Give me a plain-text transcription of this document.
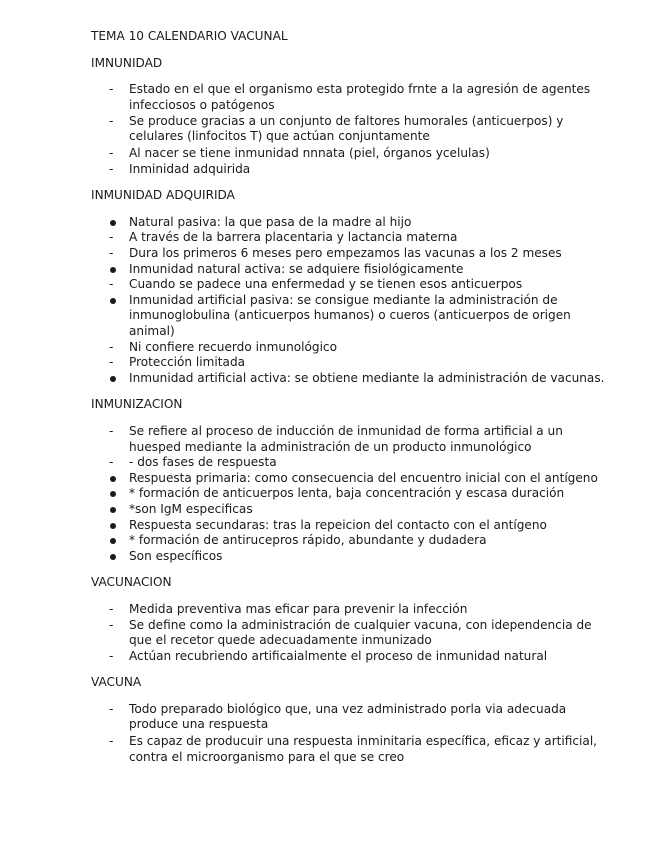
TEMA 10 CALENDARIO VACUNAL
IMNUNIDAD
-
Estado en el que el organismo esta protegido frnte a la agresión de agentes infecciosos o patógenos
-
Se produce gracias a un conjunto de faltores humorales (anticuerpos) y celulares (linfocitos T) que actúan conjuntamente
-
Al nacer se tiene inmunidad nnnata (piel, órganos ycelulas)
-
Inminidad adquirida
INMUNIDAD ADQUIRIDA
Natural pasiva: la que pasa de la madre al hijo
-
A través de la barrera placentaria y lactancia materna
-
Dura los primeros 6 meses pero empezamos las vacunas a los 2 meses
Inmunidad natural activa: se adquiere fisiológicamente
-
Cuando se padece una enfermedad y se tienen esos anticuerpos
Inmunidad artificial pasiva: se consigue mediante la administración de inmunoglobulina (anticuerpos humanos) o cueros (anticuerpos de origen animal)
-
Ni confiere recuerdo inmunológico
-
Protección limitada
Inmunidad artificial activa: se obtiene mediante la administración de vacunas.
INMUNIZACION
-
Se refiere al proceso de inducción de inmunidad de forma artificial a un huesped mediante la administración de un producto inmunológico
-
- dos fases de respuesta
Respuesta primaria: como consecuencia del encuentro inicial con el antígeno
* formación de anticuerpos lenta, baja concentración y escasa duración
*son IgM especificas
Respuesta secundaras: tras la repeicion del contacto con el antígeno
* formación de antirucepros rápido, abundante y dudadera
Son específicos
VACUNACION
-
Medida preventiva mas eficar para prevenir la infección
-
Se define como la administración de cualquier vacuna, con idependencia de que el recetor quede adecuadamente inmunizado
-
Actúan recubriendo artificaialmente el proceso de inmunidad natural
VACUNA
-
Todo preparado biológico que, una vez administrado porla via adecuada produce una respuesta
-
Es capaz de producuir una respuesta inminitaria específica, eficaz y artificial, contra el microorganismo para el que se creo
